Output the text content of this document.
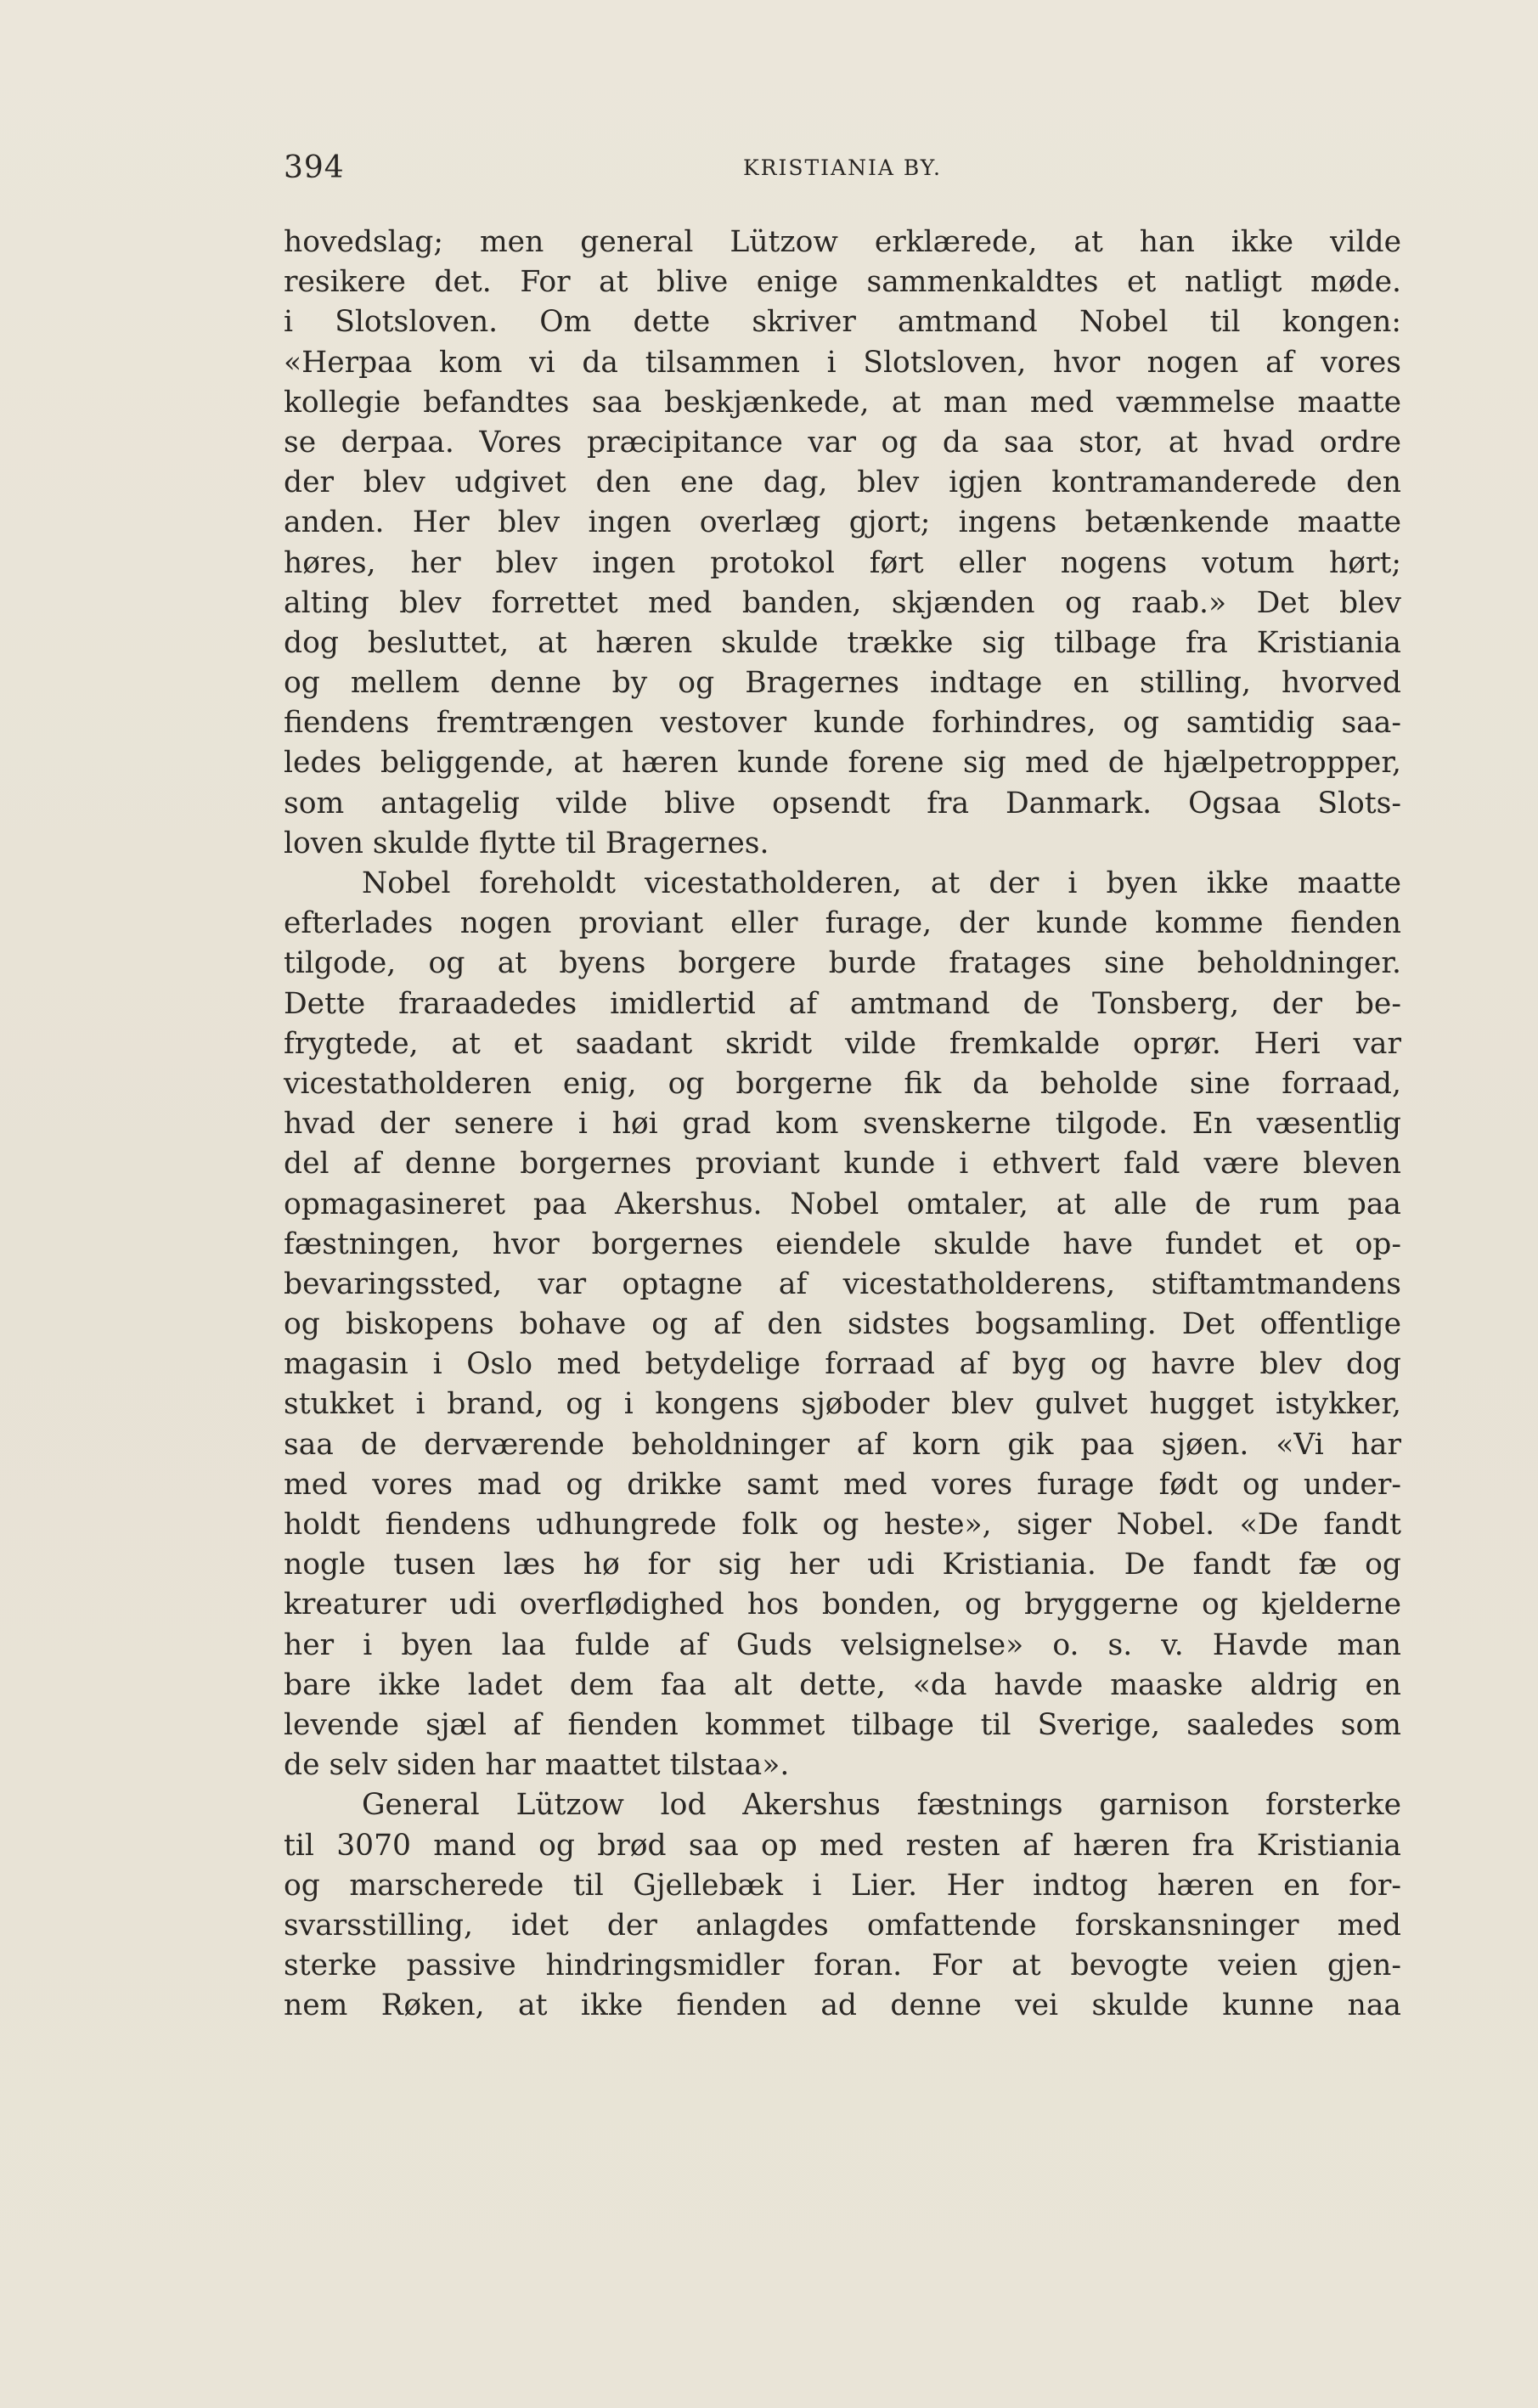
394	KRISTIANIA BY.
hovedslag; men general Lützow erklærede, at han ikke vilde
resikere det. For at blive enige sammenkaldtes et natligt møde.
i Slotsloven. Om dette skriver amtmand Nobel til kongen:
«Herpaa kom vi da tilsammen i Slotsloven, hvor nogen af vores
kollegie befandtes saa beskjænkede, at man med væmmelse maatte
se derpaa. Vores præcipitance var og da saa stor, at hvad ordre
der blev udgivet den ene dag, blev igjen kontramanderede den
anden. Her blev ingen overlæg gjort; ingens betænkende maatte
høres, her blev ingen protokol ført eller nogens votum hørt;
alting blev forrettet med banden, skjænden og raab.» Det blev
dog besluttet, at hæren skulde trække sig tilbage fra Kristiania
og mellem denne by og Bragernes indtage en stilling, hvorved
fiendens fremtrængen vestover kunde forhindres, og samtidig saa-
ledes beliggende, at hæren kunde forene sig med de hjælpetroppper,
som antagelig vilde blive opsendt fra Danmark. Ogsaa Slots-
loven skulde flytte til Bragernes.
Nobel foreholdt vicestatholderen, at der i byen ikke maatte
efterlades nogen proviant eller furage, der kunde komme fienden
tilgode, og at byens borgere burde fratages sine beholdninger.
Dette fraraadedes imidlertid af amtmand de Tonsberg, der be-
frygtede, at et saadant skridt vilde fremkalde oprør. Heri var
vicestatholderen enig, og borgerne fik da beholde sine forraad,
hvad der senere i høi grad kom svenskerne tilgode. En væsentlig
del af denne borgernes proviant kunde i ethvert fald være bleven
opmagasineret paa Akershus. Nobel omtaler, at alle de rum paa
fæstningen, hvor borgernes eiendele skulde have fundet et op-
bevaringssted, var optagne af vicestatholderens, stiftamtmandens
og biskopens bohave og af den sidstes bogsamling. Det offentlige
magasin i Oslo med betydelige forraad af byg og havre blev dog
stukket i brand, og i kongens sjøboder blev gulvet hugget istykker,
saa de derværende beholdninger af korn gik paa sjøen. «Vi har
med vores mad og drikke samt med vores furage født og under-
holdt fiendens udhungrede folk og heste», siger Nobel. «De fandt
nogle tusen læs hø for sig her udi Kristiania. De fandt fæ og
kreaturer udi overflødighed hos bonden, og bryggerne og kjelderne
her i byen laa fulde af Guds velsignelse» o. s. v. Havde man
bare ikke ladet dem faa alt dette, «da havde maaske aldrig en
levende sjæl af fienden kommet tilbage til Sverige, saaledes som
de selv siden har maattet tilstaa».
General Lützow lod Akershus fæstnings garnison forsterke
til 3070 mand og brød saa op med resten af hæren fra Kristiania
og marscherede til Gjellebæk i Lier. Her indtog hæren en for-
svarsstilling, idet der anlagdes omfattende forskansninger med
sterke passive hindringsmidler foran. For at bevogte veien gjen-
nem Røken, at ikke fienden ad denne vei skulde kunne naa
